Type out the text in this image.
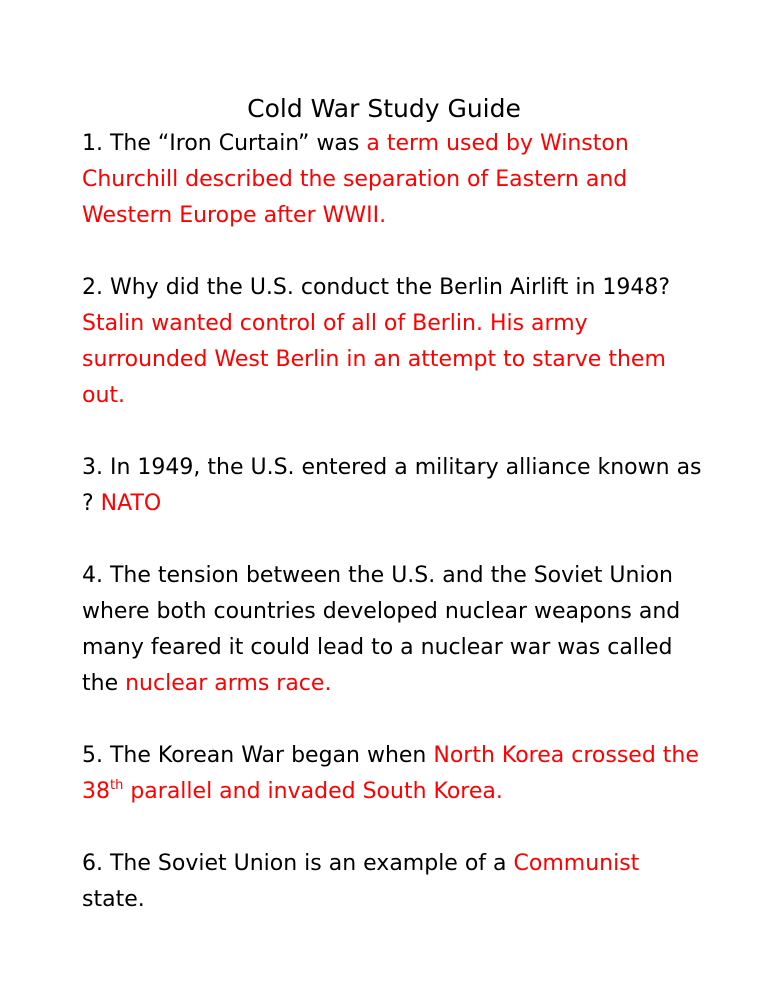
Cold War Study Guide

1. The “Iron Curtain” was a term used by Winston Churchill described the separation of Eastern and Western Europe after WWII.

2. Why did the U.S. conduct the Berlin Airlift in 1948? Stalin wanted control of all of Berlin. His army surrounded West Berlin in an attempt to starve them out.

3. In 1949, the U.S. entered a military alliance known as ? NATO

4. The tension between the U.S. and the Soviet Union where both countries developed nuclear weapons and many feared it could lead to a nuclear war was called the nuclear arms race.

5. The Korean War began when North Korea crossed the 38th parallel and invaded South Korea.

6. The Soviet Union is an example of a Communist state.
